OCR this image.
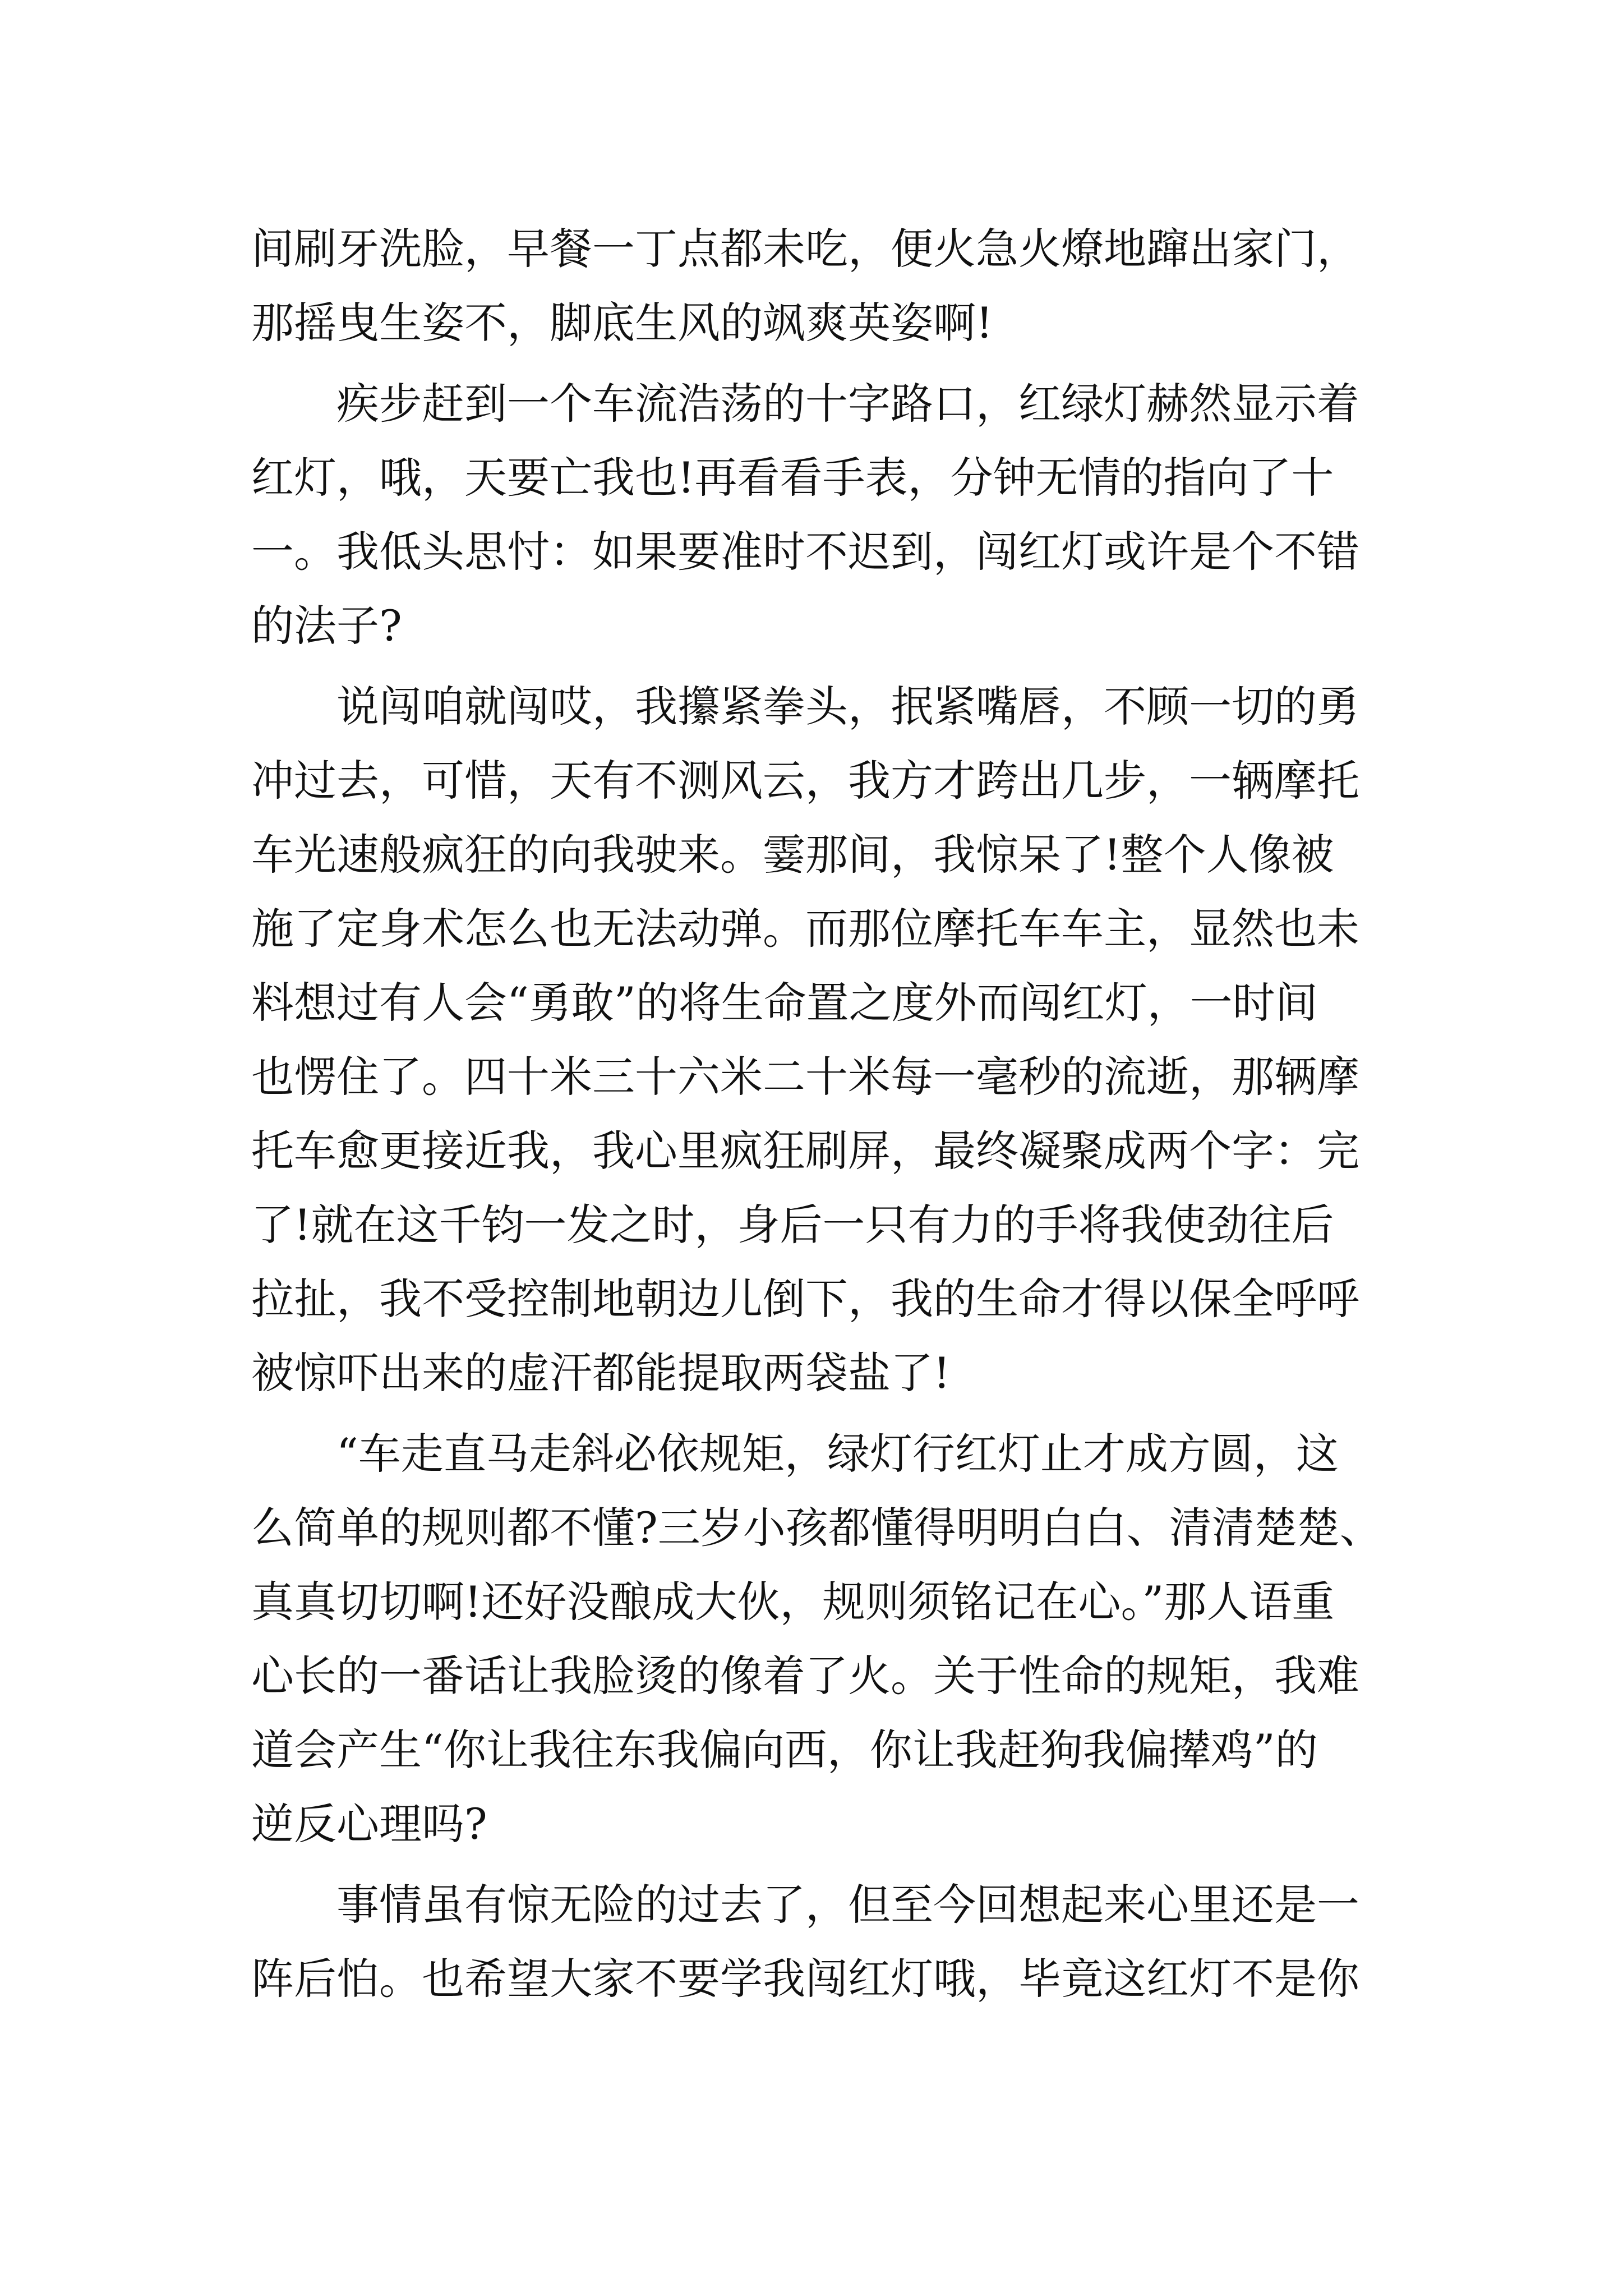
间刷牙洗脸，早餐一丁点都未吃，便火急火燎地蹿出家门，
那摇曳生姿不，脚底生风的飒爽英姿啊!
　　疾步赶到一个车流浩荡的十字路口，红绿灯赫然显示着
红灯，哦，天要亡我也!再看看手表，分钟无情的指向了十
一。我低头思忖：如果要准时不迟到，闯红灯或许是个不错
的法子?
　　说闯咱就闯哎，我攥紧拳头，抿紧嘴唇，不顾一切的勇
冲过去，可惜，天有不测风云，我方才跨出几步，一辆摩托
车光速般疯狂的向我驶来。霎那间，我惊呆了!整个人像被
施了定身术怎么也无法动弹。而那位摩托车车主，显然也未
料想过有人会“勇敢”的将生命置之度外而闯红灯，一时间
也愣住了。四十米三十六米二十米每一毫秒的流逝，那辆摩
托车愈更接近我，我心里疯狂刷屏，最终凝聚成两个字：完
了!就在这千钧一发之时，身后一只有力的手将我使劲往后
拉扯，我不受控制地朝边儿倒下，我的生命才得以保全呼呼
被惊吓出来的虚汗都能提取两袋盐了!
　　“车走直马走斜必依规矩，绿灯行红灯止才成方圆，这
么简单的规则都不懂?三岁小孩都懂得明明白白、清清楚楚、
真真切切啊!还好没酿成大伙，规则须铭记在心。”那人语重
心长的一番话让我脸烫的像着了火。关于性命的规矩，我难
道会产生“你让我往东我偏向西，你让我赶狗我偏撵鸡”的
逆反心理吗?
　　事情虽有惊无险的过去了，但至今回想起来心里还是一
阵后怕。也希望大家不要学我闯红灯哦，毕竟这红灯不是你
